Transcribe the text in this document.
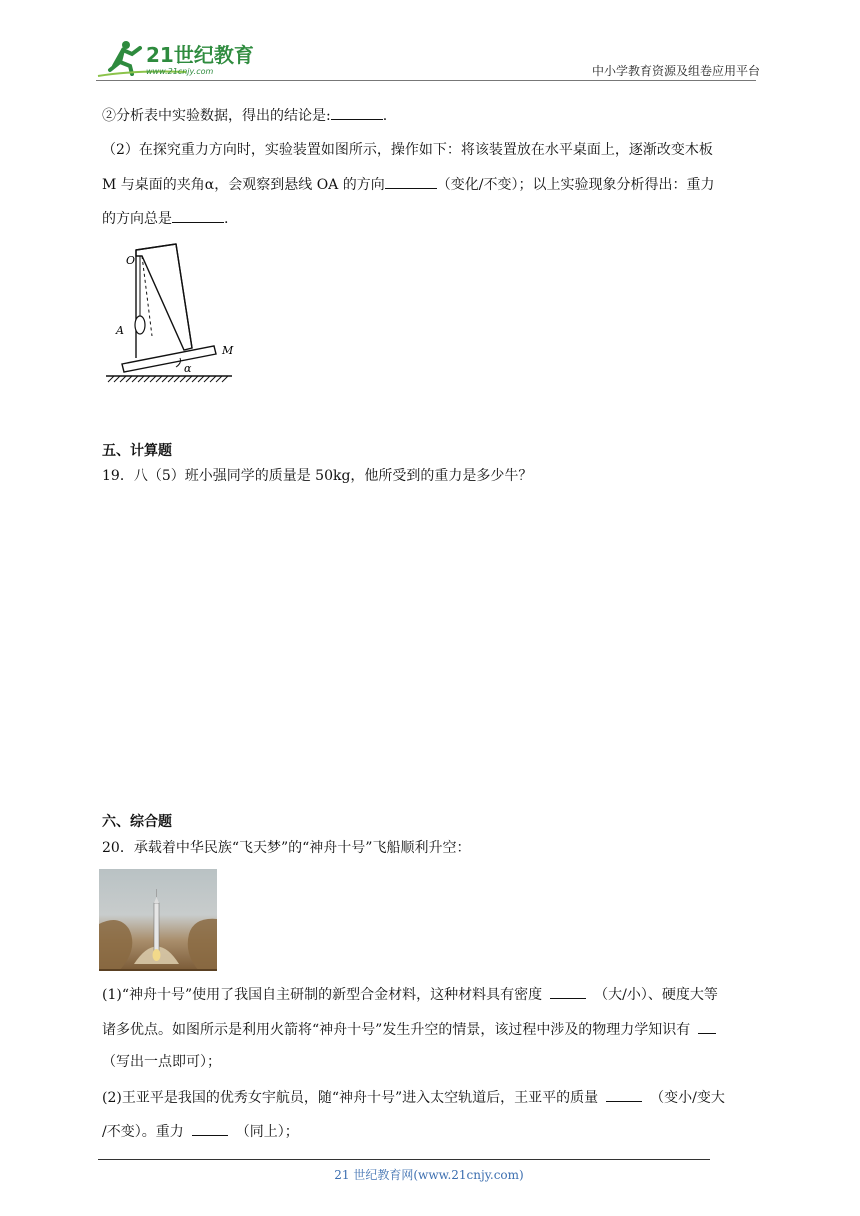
21世纪教育
www.21cnjy.com	中小学教育资源及组卷应用平台
②分析表中实验数据，得出的结论是:	.
（2）在探究重力方向时，实验装置如图所示，操作如下：将该装置放在水平桌面上，逐渐改变木板
M 与桌面的夹角α，会观察到悬线 OA 的方向	（变化/不变）；以上实验现象分析得出：重力
的方向总是	.
O
A
M
α
五、计算题
19．八（5）班小强同学的质量是 50kg，他所受到的重力是多少牛？
六、综合题
20．承载着中华民族“飞天梦”的“神舟十号”飞船顺利升空：
(1)“神舟十号”使用了我国自主研制的新型合金材料，这种材料具有密度	（大/小）、硬度大等
诸多优点。如图所示是利用火箭将“神舟十号”发生升空的情景，该过程中涉及的物理力学知识有
（写出一点即可）；
(2)王亚平是我国的优秀女宇航员，随“神舟十号”进入太空轨道后，王亚平的质量	（变小/变大
/不变）。重力	（同上）；
21 世纪教育网(www.21cnjy.com)
